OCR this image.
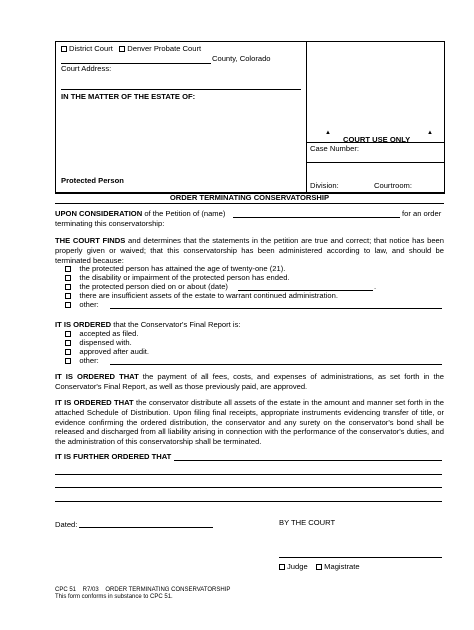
District Court Denver Probate Court
County, Colorado
Court Address:
IN THE MATTER OF THE ESTATE OF:
Protected Person
▲	▲
COURT USE ONLY
Case Number:
Division:	Courtroom:
ORDER TERMINATING CONSERVATORSHIP
UPON CONSIDERATION of the Petition of (name)	for an order
terminating this conservatorship:
THE COURT FINDS and determines that the statements in the petition are true and correct; that notice has been properly given or waived; that this conservatorship has been administered according to law, and should be terminated because:
the protected person has attained the age of twenty-one (21).
the disability or impairment of the protected person has ended.
the protected person died on or about (date)	.
there are insufficient assets of the estate to warrant continued administration.
other:
IT IS ORDERED that the Conservator's Final Report is:
accepted as filed.
dispensed with.
approved after audit.
other:
IT IS ORDERED THAT the payment of all fees, costs, and expenses of administrations, as set forth in the Conservator's Final Report, as well as those previously paid, are approved.
IT IS ORDERED THAT the conservator distribute all assets of the estate in the amount and manner set forth in the attached Schedule of Distribution. Upon filing final receipts, appropriate instruments evidencing transfer of title, or evidence confirming the ordered distribution, the conservator and any surety on the conservator's bond shall be released and discharged from all liability arising in connection with the performance of the conservator's duties, and the administration of this conservatorship shall be terminated.
IT IS FURTHER ORDERED THAT
Dated:	BY THE COURT
Judge Magistrate
CPC 51    R7/03    ORDER TERMINATING CONSERVATORSHIP
This form conforms in substance to CPC 51.
